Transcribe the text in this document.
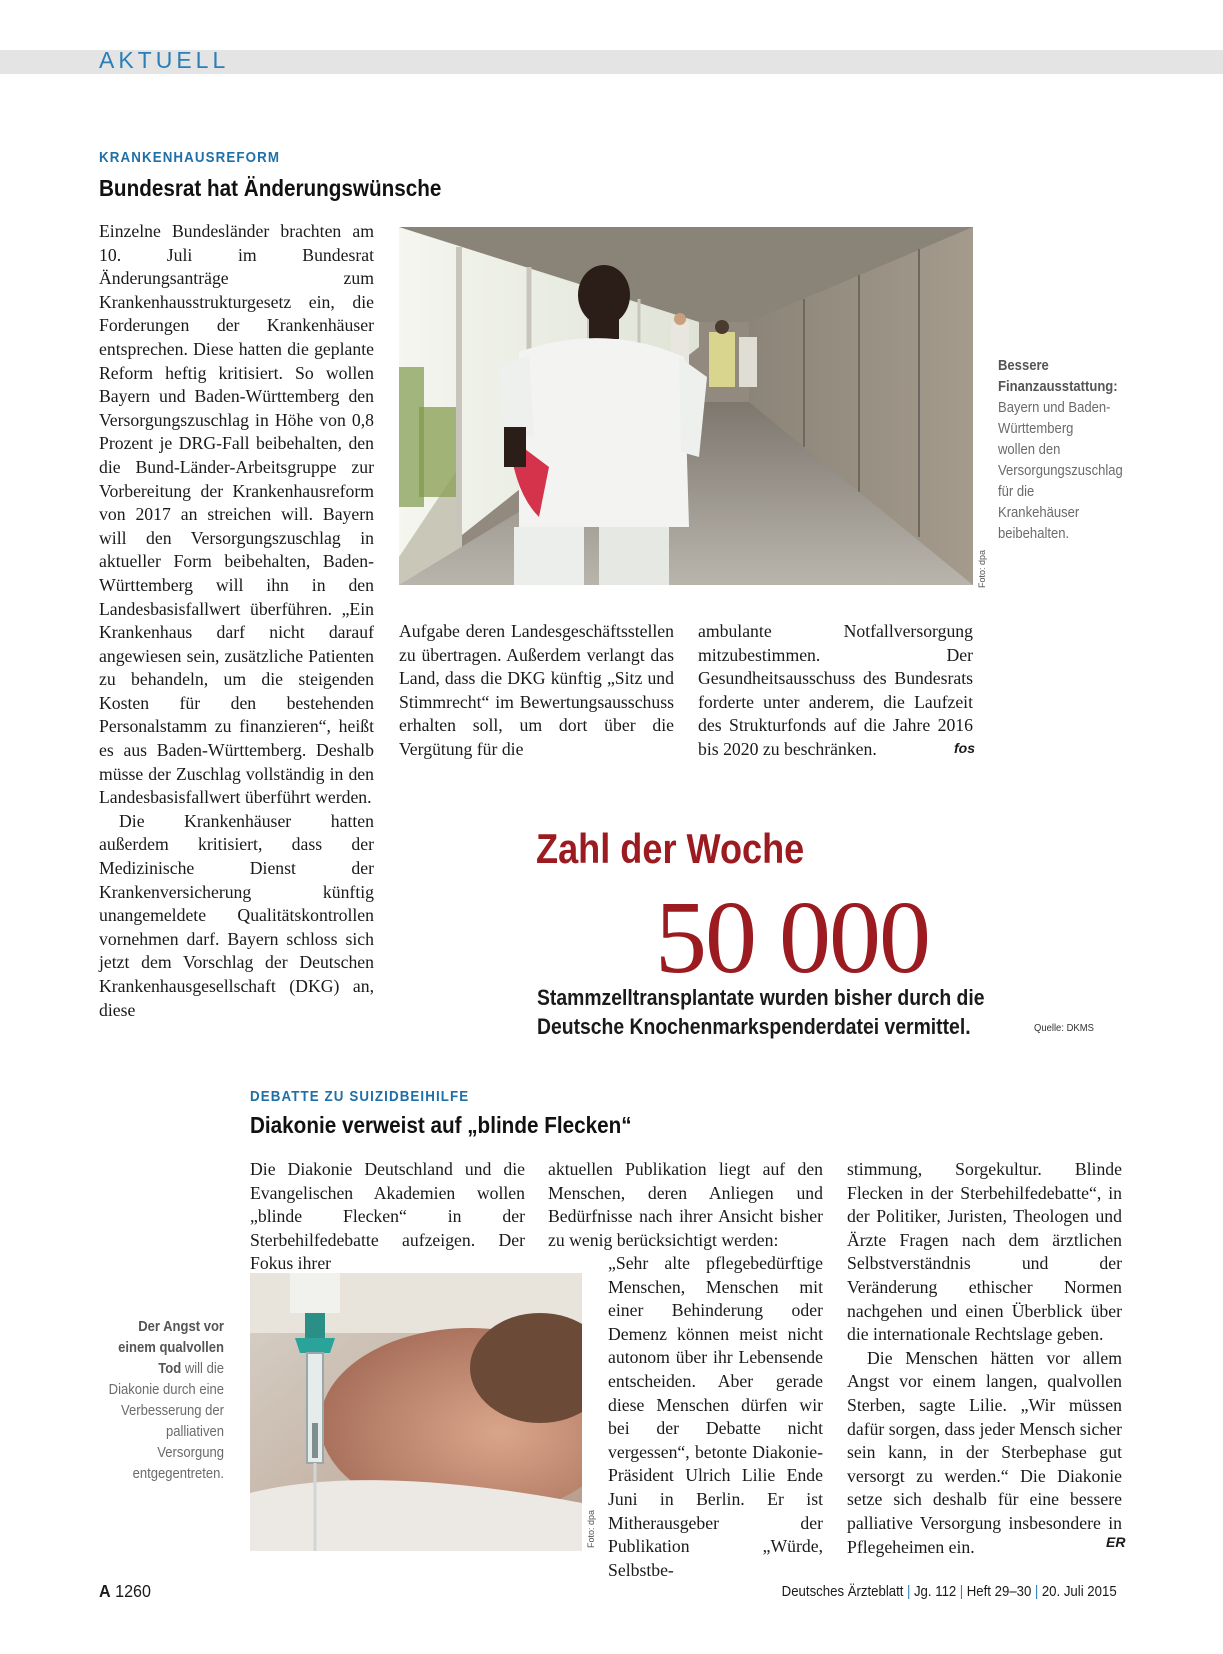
AKTUELL
KRANKENHAUSREFORM
Bundesrat hat Änderungswünsche

Einzelne Bundesländer brachten am 10. Juli im Bundesrat Änderungsanträge zum Krankenhausstrukturgesetz ein, die Forderungen der Krankenhäuser entsprechen. Diese hatten die geplante Reform heftig kritisiert. So wollen Bayern und Baden-Württemberg den Versorgungszuschlag in Höhe von 0,8 Prozent je DRG-Fall beibehalten, den die Bund-Länder-Arbeitsgruppe zur Vorbereitung der Krankenhausreform von 2017 an streichen will. Bayern will den Versorgungszuschlag in aktueller Form beibehalten, Baden-Württemberg will ihn in den Landesbasisfallwert überführen. „Ein Krankenhaus darf nicht darauf angewiesen sein, zusätzliche Patienten zu behandeln, um die steigenden Kosten für den bestehenden Personalstamm zu finanzieren“, heißt es aus Baden-Württemberg. Deshalb müsse der Zuschlag vollständig in den Landesbasisfallwert überführt werden.

Die Krankenhäuser hatten außerdem kritisiert, dass der Medizinische Dienst der Krankenversicherung künftig unangemeldete Qualitätskontrollen vornehmen darf. Bayern schloss sich jetzt dem Vorschlag der Deutschen Krankenhausgesellschaft (DKG) an, diese

Foto: dpa
Bessere Finanzausstattung: Bayern und Baden-Württemberg wollen den Versorgungszuschlag für die Krankehäuser beibehalten.

Aufgabe deren Landesgeschäftsstellen zu übertragen. Außerdem verlangt das Land, dass die DKG künftig „Sitz und Stimmrecht“ im Bewertungsausschuss erhalten soll, um dort über die Vergütung für die

ambulante Notfallversorgung mitzubestimmen. Der Gesundheitsausschuss des Bundesrats forderte unter anderem, die Laufzeit des Strukturfonds auf die Jahre 2016 bis 2020 zu beschränken.	fos
Zahl der Woche
50 000
Stammzelltransplantate wurden bisher durch die Deutsche Knochenmarkspenderdatei vermittel.	Quelle: DKMS
DEBATTE ZU SUIZIDBEIHILFE
Diakonie verweist auf „blinde Flecken“

Die Diakonie Deutschland und die Evangelischen Akademien wollen „blinde Flecken“ in der Sterbehilfedebatte aufzeigen. Der Fokus ihrer

Foto: dpa
Der Angst vor einem qualvollen Tod will die Diakonie durch eine Verbesserung der palliativen Versorgung entgegentreten.

aktuellen Publikation liegt auf den Menschen, deren Anliegen und Bedürfnisse nach ihrer Ansicht bisher zu wenig berücksichtigt werden:

„Sehr alte pflegebedürftige Menschen, Menschen mit einer Behinderung oder Demenz können meist nicht autonom über ihr Lebensende entscheiden. Aber gerade diese Menschen dürfen wir bei der Debatte nicht vergessen“, betonte Diakonie-Präsident Ulrich Lilie Ende Juni in Berlin. Er ist Mitherausgeber der Publikation „Würde, Selbstbe-

stimmung, Sorgekultur. Blinde Flecken in der Sterbehilfedebatte“, in der Politiker, Juristen, Theologen und Ärzte Fragen nach dem ärztlichen Selbstverständnis und der Veränderung ethischer Normen nachgehen und einen Überblick über die internationale Rechtslage geben.

Die Menschen hätten vor allem Angst vor einem langen, qualvollen Sterben, sagte Lilie. „Wir müssen dafür sorgen, dass jeder Mensch sicher sein kann, in der Sterbephase gut versorgt zu werden.“ Die Diakonie setze sich deshalb für eine bessere palliative Versorgung insbesondere in Pflegeheimen ein.	ER
A 1260	Deutsches Ärzteblatt | Jg. 112 | Heft 29–30 | 20. Juli 2015
